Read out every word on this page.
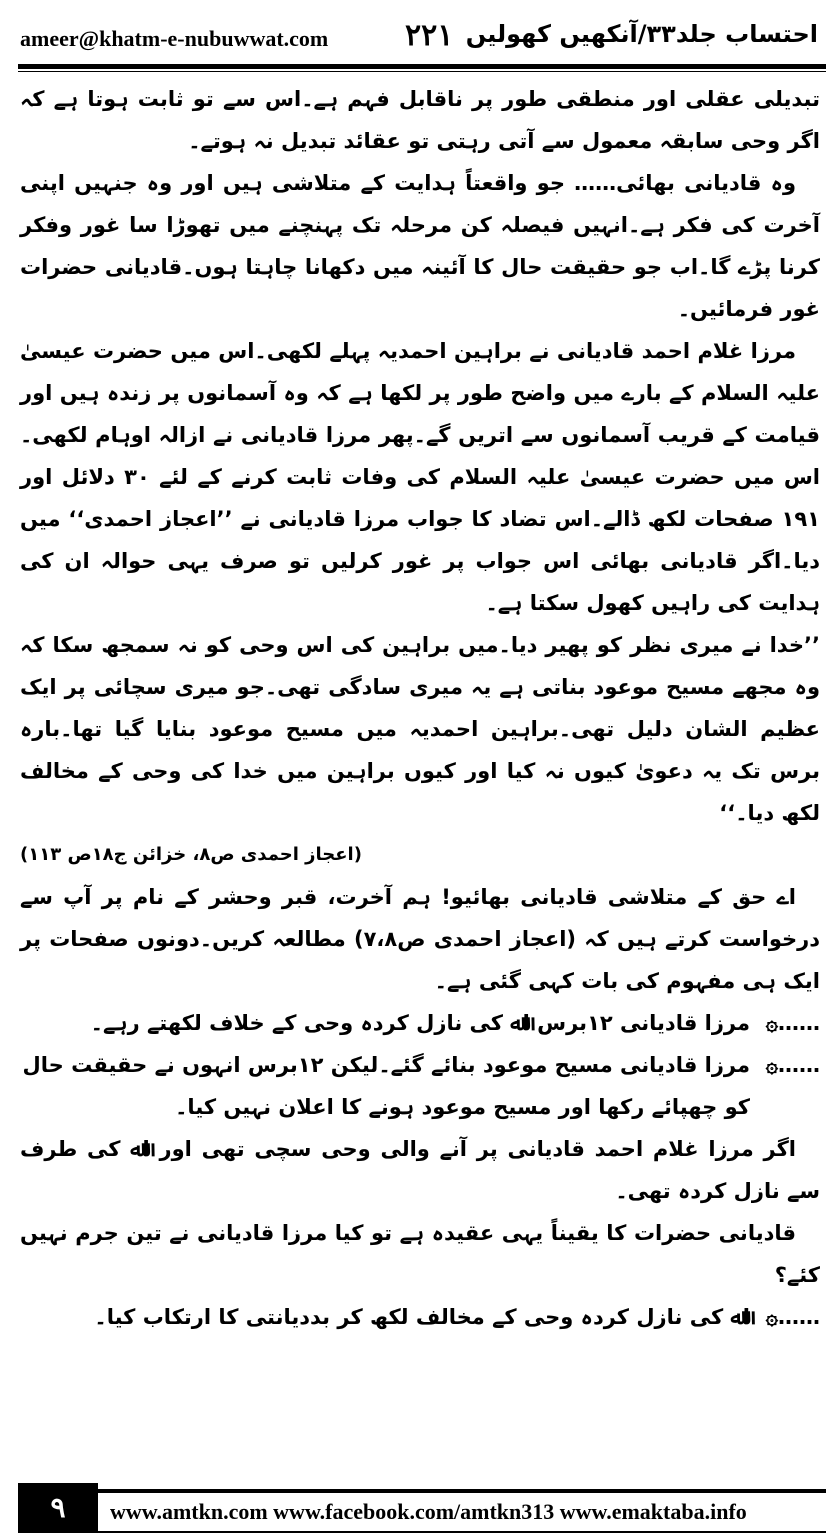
ameer@khatm-e-nubuwwat.com	۲۲۱ احتساب جلد۳۳/آنکھیں کھولیں

تبدیلی عقلی اور منطقی طور پر ناقابل فہم ہے۔اس سے تو ثابت ہوتا ہے کہ اگر وحی سابقہ معمول سے آتی رہتی تو عقائد تبدیل نہ ہوتے۔

وہ قادیانی بھائی…… جو واقعتاً ہدایت کے متلاشی ہیں اور وہ جنہیں اپنی آخرت کی فکر ہے۔انہیں فیصلہ کن مرحلہ تک پہنچنے میں تھوڑا سا غور وفکر کرنا پڑے گا۔اب جو حقیقت حال کا آئینہ میں دکھانا چاہتا ہوں۔قادیانی حضرات غور فرمائیں۔

مرزا غلام احمد قادیانی نے براہین احمدیہ پہلے لکھی۔اس میں حضرت عیسیٰ علیہ السلام کے بارے میں واضح طور پر لکھا ہے کہ وہ آسمانوں پر زندہ ہیں اور قیامت کے قریب آسمانوں سے اتریں گے۔پھر مرزا قادیانی نے ازالہ اوہام لکھی۔اس میں حضرت عیسیٰ علیہ السلام کی وفات ثابت کرنے کے لئے ۳۰ دلائل اور ۱۹۱ صفحات لکھ ڈالے۔اس تضاد کا جواب مرزا قادیانی نے ’’اعجاز احمدی‘‘ میں دیا۔اگر قادیانی بھائی اس جواب پر غور کرلیں تو صرف یہی حوالہ ان کی ہدایت کی راہیں کھول سکتا ہے۔

’’خدا نے میری نظر کو پھیر دیا۔میں براہین کی اس وحی کو نہ سمجھ سکا کہ وہ مجھے مسیح موعود بناتی ہے یہ میری سادگی تھی۔جو میری سچائی پر ایک عظیم الشان دلیل تھی۔براہین احمدیہ میں مسیح موعود بنایا گیا تھا۔بارہ برس تک یہ دعویٰ کیوں نہ کیا اور کیوں براہین میں خدا کی وحی کے مخالف لکھ دیا۔‘‘

(اعجاز احمدی ص۸، خزائن ج۱۸ص ۱۱۳)

اے حق کے متلاشی قادیانی بھائیو! ہم آخرت، قبر وحشر کے نام پر آپ سے درخواست کرتے ہیں کہ (اعجاز احمدی ص۷،۸) مطالعہ کریں۔دونوں صفحات پر ایک ہی مفہوم کی بات کہی گئی ہے۔

……۞
مرزا قادیانی ۱۲برس اﷲ کی نازل کردہ وحی کے خلاف لکھتے رہے۔
……۞
مرزا قادیانی مسیح موعود بنائے گئے۔لیکن ۱۲برس انہوں نے حقیقت حال کو چھپائے رکھا اور مسیح موعود ہونے کا اعلان نہیں کیا۔

اگر مرزا غلام احمد قادیانی پر آنے والی وحی سچی تھی اور اﷲ کی طرف سے نازل کردہ تھی۔

قادیانی حضرات کا یقیناً یہی عقیدہ ہے تو کیا مرزا قادیانی نے تین جرم نہیں کئے؟

……۞
اﷲ کی نازل کردہ وحی کے مخالف لکھ کر بددیانتی کا ارتکاب کیا۔
۹	www.amtkn.com www.facebook.com/amtkn313 www.emaktaba.info
